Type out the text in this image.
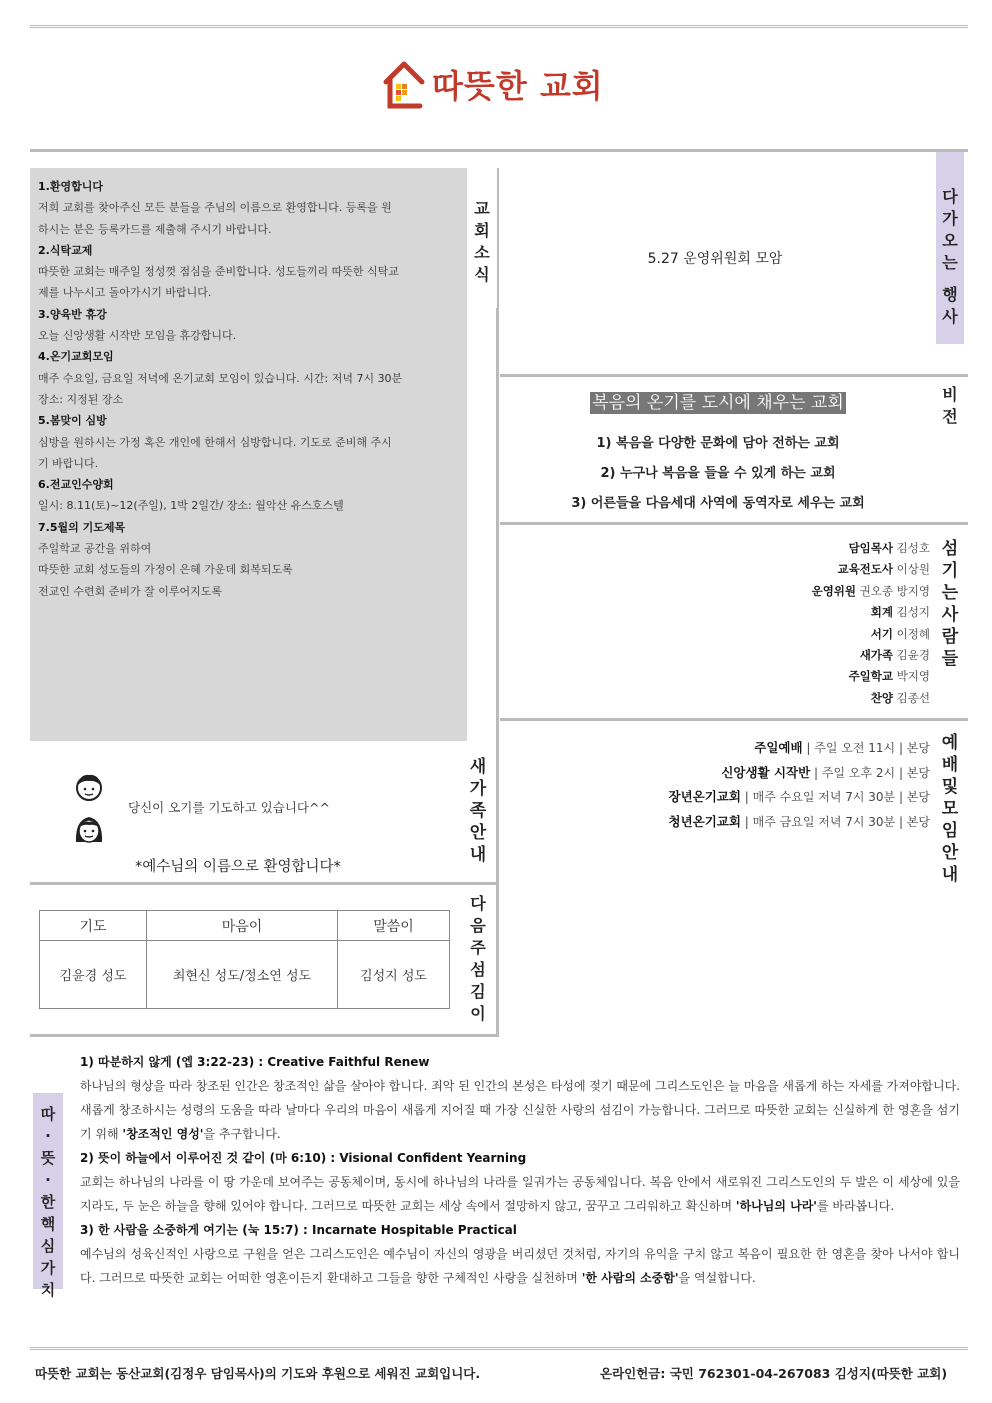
따뜻한 교회

1.환영합니다

저희 교회를 찾아주신 모든 분들을 주님의 이름으로 환영합니다. 등록을 원

하시는 분은 등록카드를 제출해 주시기 바랍니다.

2.식탁교제

따뜻한 교회는 매주일 정성껏 점심을 준비합니다. 성도들끼리 따뜻한 식탁교

제를 나누시고 돌아가시기 바랍니다.

3.양육반 휴강

오늘 신앙생활 시작반 모임을 휴강합니다.

4.온기교회모임

매주 수요일, 금요일 저녁에 온기교회 모임이 있습니다. 시간: 저녁 7시 30분

장소: 지정된 장소

5.봄맞이 심방

심방을 원하시는 가정 혹은 개인에 한해서 심방합니다. 기도로 준비해 주시

기 바랍니다.

6.전교인수양회

일시: 8.11(토)~12(주일), 1박 2일간/ 장소: 월악산 유스호스텔

7.5월의 기도제목

주일학교 공간을 위하여

따뜻한 교회 성도들의 가정이 은혜 가운데 회복되도록

전교인 수련회 준비가 잘 이루어지도록

교
회
소
식
5.27 운영위원회 모암
다
가
오
는
행
사
복음의 온기를 도시에 채우는 교회
1) 복음을 다양한 문화에 담아 전하는 교회
2) 누구나 복음을 들을 수 있게 하는 교회
3) 어른들을 다음세대 사역에 동역자로 세우는 교회
비
전
담임목사 김성호
교육전도사 이상원
운영위원 권오종 방지영
회계 김성지
서기 이정혜
새가족 김윤경
주일학교 박지영
찬양 김종선
섬
기
는
사
람
들
주일예배 | 주일 오전 11시 | 본당
신앙생활 시작반 | 주일 오후 2시 | 본당
장년온기교회 | 매주 수요일 저녁 7시 30분 | 본당
청년온기교회 | 매주 금요일 저녁 7시 30분 | 본당
예
배
및
모
임
안
내
당신이 오기를 기도하고 있습니다^^
*예수님의 이름으로 환영합니다*
새
가
족
안
내
기도	마음이	말씀이
김윤경 성도	최현신 성도/정소연 성도	김성지 성도
다
음
주
섬
김
이
따
·
뜻
·
한
핵
심
가
치

1) 따분하지 않게 (엡 3:22-23) : Creative Faithful Renew

하나님의 형상을 따라 창조된 인간은 창조적인 삶을 살아야 합니다. 죄악 된 인간의 본성은 타성에 젖기 때문에 그리스도인은 늘 마음을 새롭게 하는 자세를 가져야합니다. 새롭게 창조하시는 성령의 도움을 따라 날마다 우리의 마음이 새롭게 지어질 때 가장 신실한 사랑의 섬김이 가능합니다. 그러므로 따뜻한 교회는 신실하게 한 영혼을 섬기기 위해 '창조적인 영성'을 추구합니다.

2) 뜻이 하늘에서 이루어진 것 같이 (마 6:10) : Visional Confident Yearning

교회는 하나님의 나라를 이 땅 가운데 보여주는 공동체이며, 동시에 하나님의 나라를 일궈가는 공동체입니다. 복음 안에서 새로워진 그리스도인의 두 발은 이 세상에 있을 지라도, 두 눈은 하늘을 향해 있어야 합니다. 그러므로 따뜻한 교회는 세상 속에서 절망하지 않고, 꿈꾸고 그리워하고 확신하며 '하나님의 나라'를 바라봅니다.

3) 한 사람을 소중하게 여기는 (눅 15:7) : Incarnate Hospitable Practical

예수님의 성육신적인 사랑으로 구원을 얻은 그리스도인은 예수님이 자신의 영광을 버리셨던 것처럼, 자기의 유익을 구치 않고 복음이 필요한 한 영혼을 찾아 나서야 합니다. 그러므로 따뜻한 교회는 어떠한 영혼이든지 환대하고 그들을 향한 구체적인 사랑을 실천하며 '한 사람의 소중함'을 역설합니다.

따뜻한 교회는 동산교회(김정우 담임목사)의 기도와 후원으로 세워진 교회입니다.	온라인헌금: 국민 762301-04-267083 김성지(따뜻한 교회)
